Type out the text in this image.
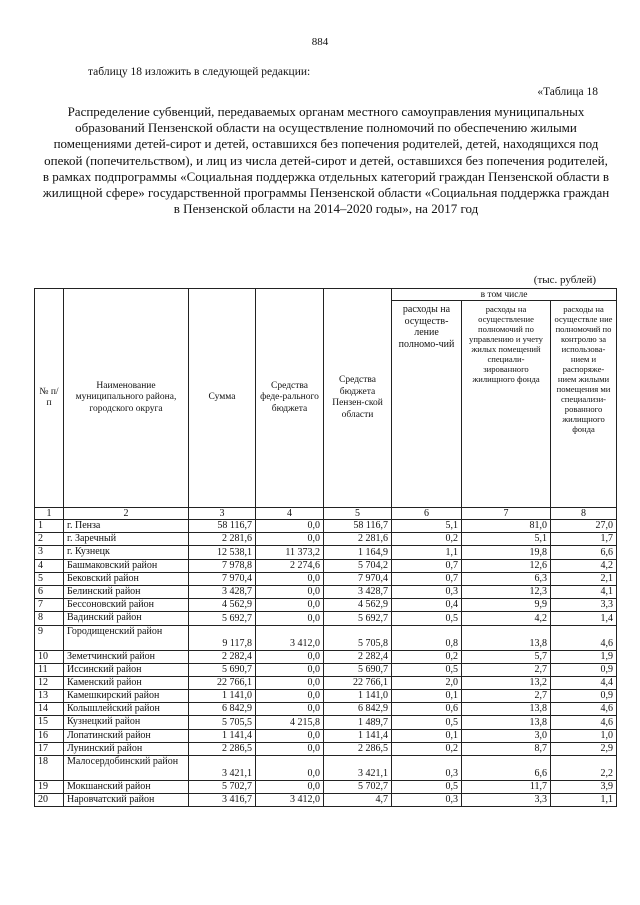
884
таблицу 18 изложить в следующей редакции:
«Таблица 18
Распределение субвенций, передаваемых органам местного самоуправления муниципальных образований Пензенской области на осуществление полномочий по обеспечению жилыми помещениями детей-сирот и детей, оставшихся без попечения родителей, детей, находящихся под опекой (попечительством), и лиц из числа детей-сирот и детей, оставшихся без попечения родителей, в рамках подпрограммы «Социальная поддержка отдельных категорий граждан Пензенской области в жилищной сфере» государственной программы Пензенской области «Социальная поддержка граждан в Пензенской области на 2014–2020 годы», на 2017 год
(тыс. рублей)
№ п/п	Наименование муниципального района, городского округа	Сумма	Средства феде-рального бюджета	Средства бюджета Пензен-ской области	в том числе		
					расходы на осуществ-ление полномо-чий	расходы на осуществление полномочий по управлению и учету жилых помещений специали-зированного жилищного фонда	расходы на осуществле ние полномочий по контролю за использова-нием и распоряже-нием жилыми помещения ми специализи-рованного жилищного фонда
1	2	3	4	5	6	7	8
1	г. Пенза	58 116,7	0,0	58 116,7	5,1	81,0	27,0
2	г. Заречный	2 281,6	0,0	2 281,6	0,2	5,1	1,7
3	г. Кузнецк	12 538,1	11 373,2	1 164,9	1,1	19,8	6,6
4	Башмаковский район	7 978,8	2 274,6	5 704,2	0,7	12,6	4,2
5	Бековский район	7 970,4	0,0	7 970,4	0,7	6,3	2,1
6	Белинский район	3 428,7	0,0	3 428,7	0,3	12,3	4,1
7	Бессоновский район	4 562,9	0,0	4 562,9	0,4	9,9	3,3
8	Вадинский район	5 692,7	0,0	5 692,7	0,5	4,2	1,4
9	Городищенский район	9 117,8	3 412,0	5 705,8	0,8	13,8	4,6
10	Земетчинский район	2 282,4	0,0	2 282,4	0,2	5,7	1,9
11	Иссинский район	5 690,7	0,0	5 690,7	0,5	2,7	0,9
12	Каменский район	22 766,1	0,0	22 766,1	2,0	13,2	4,4
13	Камешкирский район	1 141,0	0,0	1 141,0	0,1	2,7	0,9
14	Колышлейский район	6 842,9	0,0	6 842,9	0,6	13,8	4,6
15	Кузнецкий район	5 705,5	4 215,8	1 489,7	0,5	13,8	4,6
16	Лопатинский район	1 141,4	0,0	1 141,4	0,1	3,0	1,0
17	Лунинский район	2 286,5	0,0	2 286,5	0,2	8,7	2,9
18	Малосердобинский район	3 421,1	0,0	3 421,1	0,3	6,6	2,2
19	Мокшанский район	5 702,7	0,0	5 702,7	0,5	11,7	3,9
20	Наровчатский район	3 416,7	3 412,0	4,7	0,3	3,3	1,1
